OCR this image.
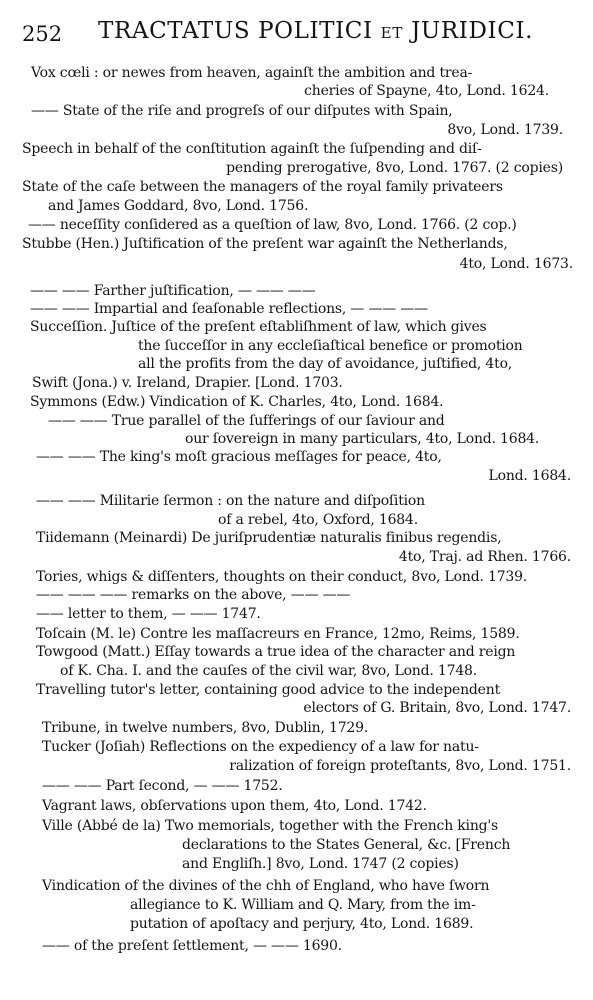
252 TRACTATUS POLITICI ET JURIDICI.
Vox cœli : or newes from heaven, againſt the ambition and trea-
cheries of Spayne, 4to, Lond. 1624.
—— State of the riſe and progreſs of our diſputes with Spain,
8vo, Lond. 1739.
Speech in behalf of the conſtitution againſt the ſuſpending and diſ-
pending prerogative, 8vo, Lond. 1767. (2 copies)
State of the caſe between the managers of the royal family privateers
and James Goddard, 8vo, Lond. 1756.
—— neceſſity conſidered as a queſtion of law, 8vo, Lond. 1766. (2 cop.)
Stubbe (Hen.) Juſtification of the preſent war againſt the Netherlands,
4to, Lond. 1673.
—— —— Farther juſtification, — —— ——
—— —— Impartial and ſeaſonable reflections, — —— ——
Succeſſion. Juſtice of the preſent eſtabliſhment of law, which gives
the ſucceſſor in any eccleſiaſtical benefice or promotion
all the profits from the day of avoidance, juſtified, 4to,
Swift (Jona.) v. Ireland, Drapier. [Lond. 1703.
Symmons (Edw.) Vindication of K. Charles, 4to, Lond. 1684.
—— —— True parallel of the ſufferings of our ſaviour and
our ſovereign in many particulars, 4to, Lond. 1684.
—— —— The king's moſt gracious meſſages for peace, 4to,
Lond. 1684.
—— —— Militarie ſermon : on the nature and diſpoſition
of a rebel, 4to, Oxford, 1684.
Tiidemann (Meinardi) De juriſprudentiæ naturalis finibus regendis,
4to, Traj. ad Rhen. 1766.
Tories, whigs & diſſenters, thoughts on their conduct, 8vo, Lond. 1739.
—— —— —— remarks on the above, —— ——
—— letter to them, — —— 1747.
Toſcain (M. le) Contre les maſſacreurs en France, 12mo, Reims, 1589.
Towgood (Matt.) Eſſay towards a true idea of the character and reign
of K. Cha. I. and the cauſes of the civil war, 8vo, Lond. 1748.
Travelling tutor's letter, containing good advice to the independent
electors of G. Britain, 8vo, Lond. 1747.
Tribune, in twelve numbers, 8vo, Dublin, 1729.
Tucker (Joſiah) Reflections on the expediency of a law for natu-
ralization of foreign proteſtants, 8vo, Lond. 1751.
—— —— Part ſecond, — —— 1752.
Vagrant laws, obſervations upon them, 4to, Lond. 1742.
Ville (Abbé de la) Two memorials, together with the French king's
declarations to the States General, &c. [French
and Engliſh.] 8vo, Lond. 1747 (2 copies)
Vindication of the divines of the chh of England, who have ſworn
allegiance to K. William and Q. Mary, from the im-
putation of apoſtacy and perjury, 4to, Lond. 1689.
—— of the preſent ſettlement, — —— 1690.
